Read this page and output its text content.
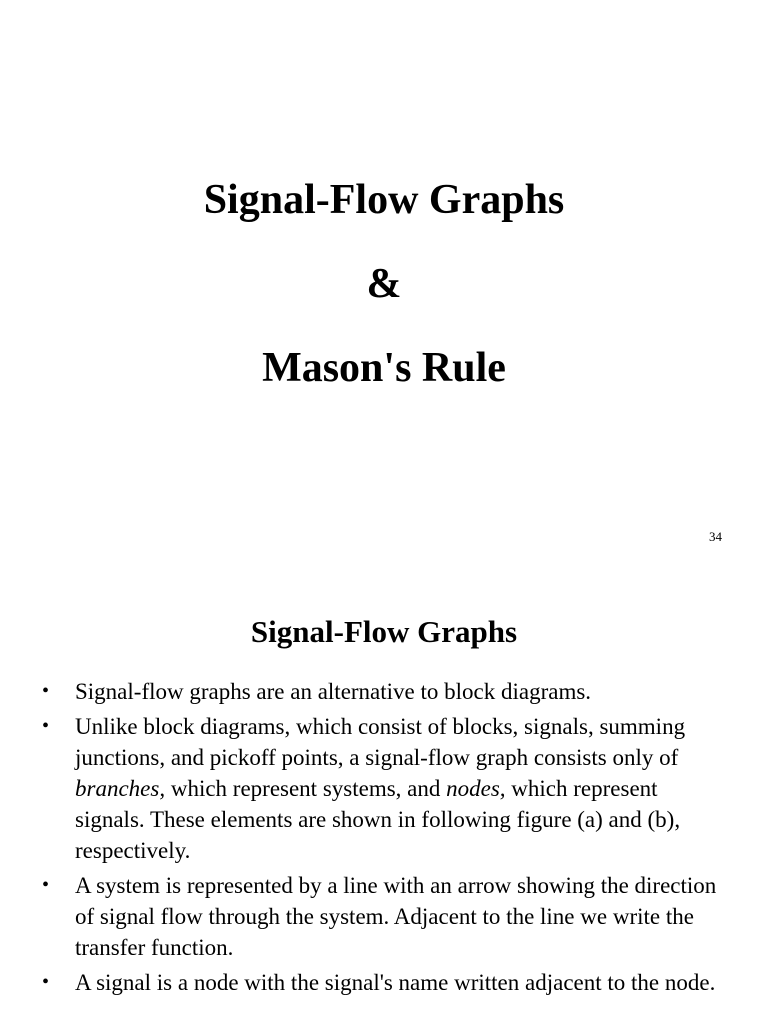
Signal-Flow Graphs
&
Mason's Rule
34
Signal-Flow Graphs
• Signal-flow graphs are an alternative to block diagrams.
• Unlike block diagrams, which consist of blocks, signals, summing junctions, and pickoff points, a signal-flow graph consists only of branches, which represent systems, and nodes, which represent signals. These elements are shown in following figure (a) and (b), respectively.
• A system is represented by a line with an arrow showing the direction of signal flow through the system. Adjacent to the line we write the transfer function.
• A signal is a node with the signal's name written adjacent to the node.
